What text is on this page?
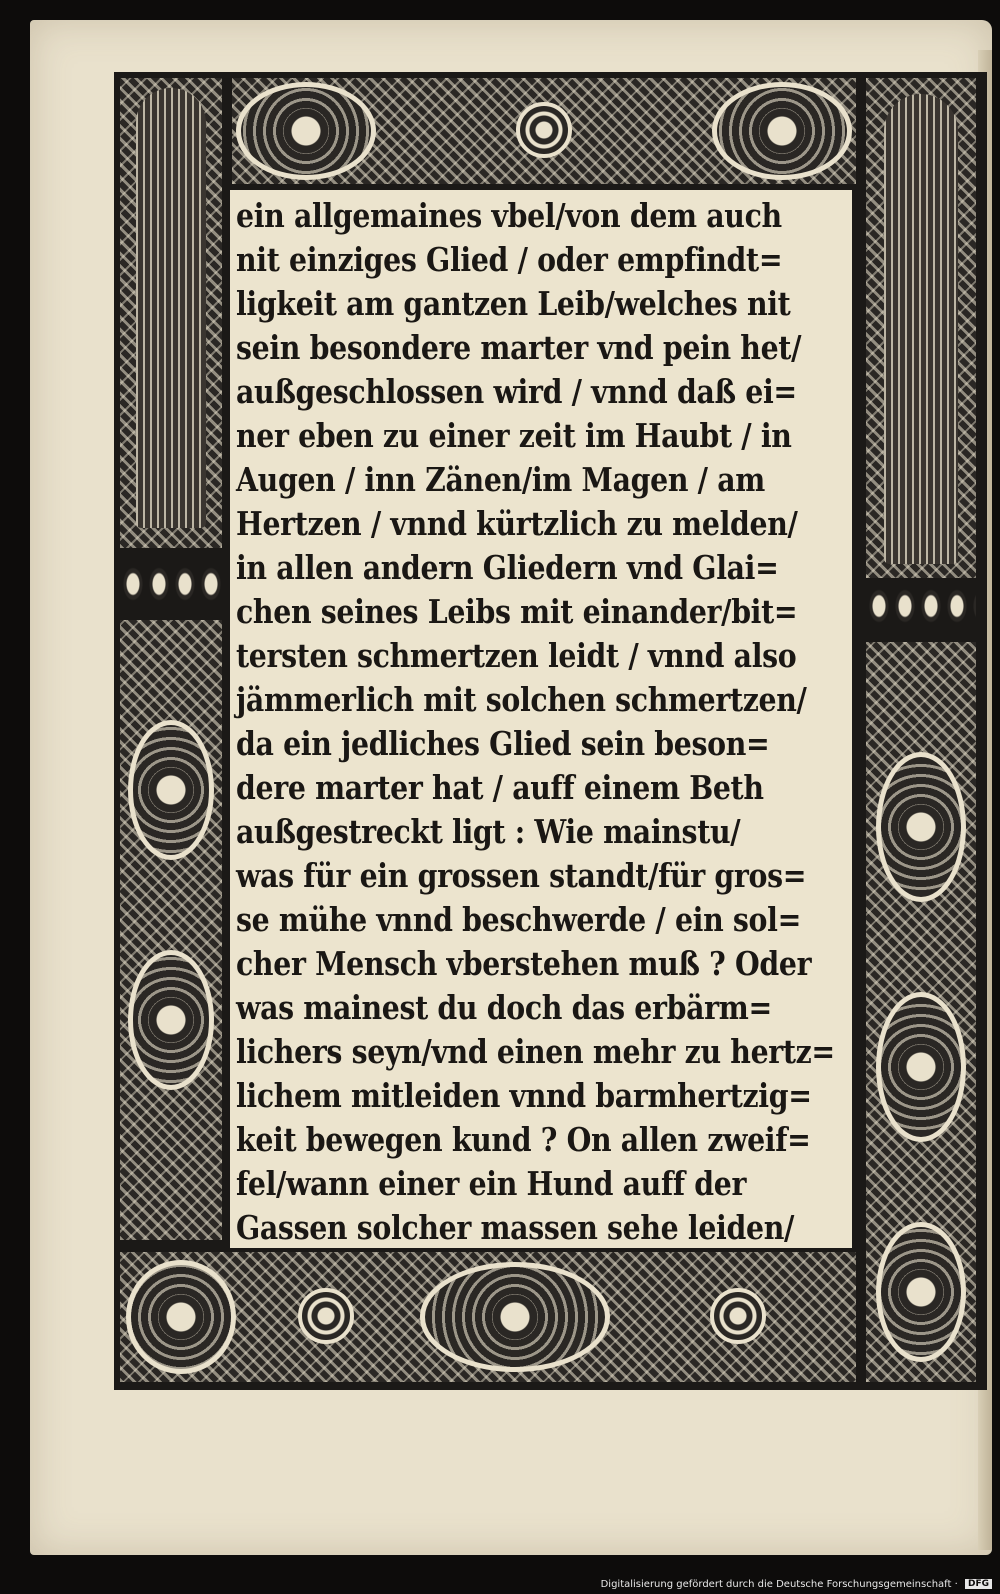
ein allgemaines vbel/von dem auch
nit einziges Glied / oder empfindt=
ligkeit am gantzen Leib/welches nit
sein besondere marter vnd pein het/
außgeschlossen wird / vnnd daß ei=
ner eben zu einer zeit im Haubt / in
Augen / inn Zänen/im Magen / am
Hertzen / vnnd kürtzlich zu melden/
in allen andern Gliedern vnd Glai=
chen seines Leibs mit einander/bit=
tersten schmertzen leidt / vnnd also
jämmerlich mit solchen schmertzen/
da ein jedliches Glied sein beson=
dere marter hat / auff einem Beth
außgestreckt ligt : Wie mainstu/
was für ein grossen standt/für gros=
se mühe vnnd beschwerde / ein sol=
cher Mensch vberstehen muß ? Oder
was mainest du doch das erbärm=
lichers seyn/vnd einen mehr zu hertz=
lichem mitleiden vnnd barmhertzig=
keit bewegen kund ? On allen zweif=
fel/wann einer ein Hund auff der
Gassen solcher massen sehe leiden/
Digitalisierung gefördert durch die Deutsche Forschungsgemeinschaft · DFG
